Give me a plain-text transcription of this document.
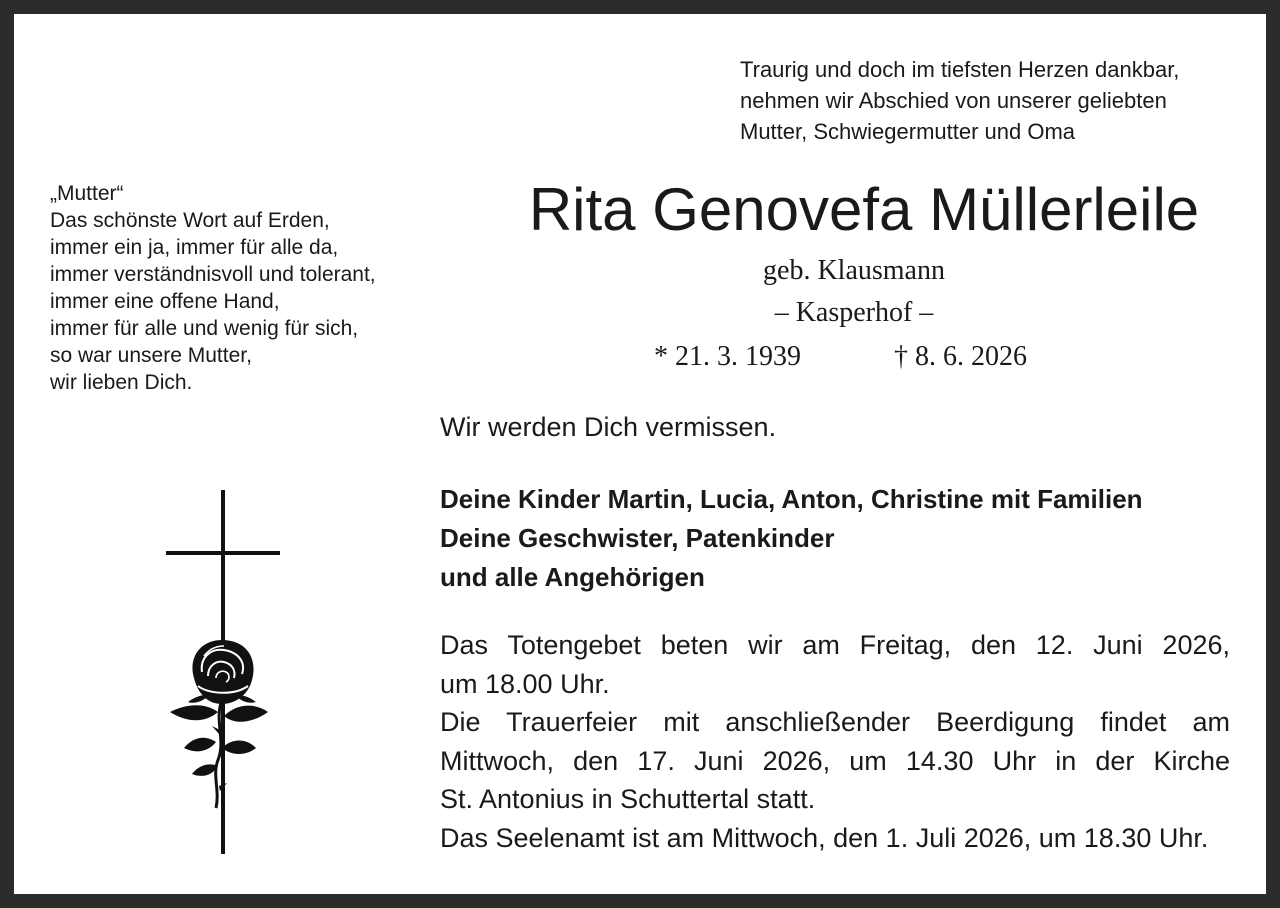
Traurig und doch im tiefsten Herzen dankbar,
nehmen wir Abschied von unserer geliebten
Mutter, Schwiegermutter und Oma
„Mutter“
Das schönste Wort auf Erden,
immer ein ja, immer für alle da,
immer verständnisvoll und tolerant,
immer eine offene Hand,
immer für alle und wenig für sich,
so war unsere Mutter,
wir lieben Dich.
Rita Genovefa Müllerleile
geb. Klausmann
– Kasperhof –
* 21. 3. 1939	† 8. 6. 2026
Wir werden Dich vermissen.
Deine Kinder Martin, Lucia, Anton, Christine mit Familien
Deine Geschwister, Patenkinder
und alle Angehörigen
Das Totengebet beten wir am Freitag, den 12. Juni 2026,
um 18.00 Uhr.
Die Trauerfeier mit anschließender Beerdigung findet am
Mittwoch, den 17. Juni 2026, um 14.30 Uhr in der Kirche
St. Antonius in Schuttertal statt.
Das Seelenamt ist am Mittwoch, den 1. Juli 2026, um 18.30 Uhr.
